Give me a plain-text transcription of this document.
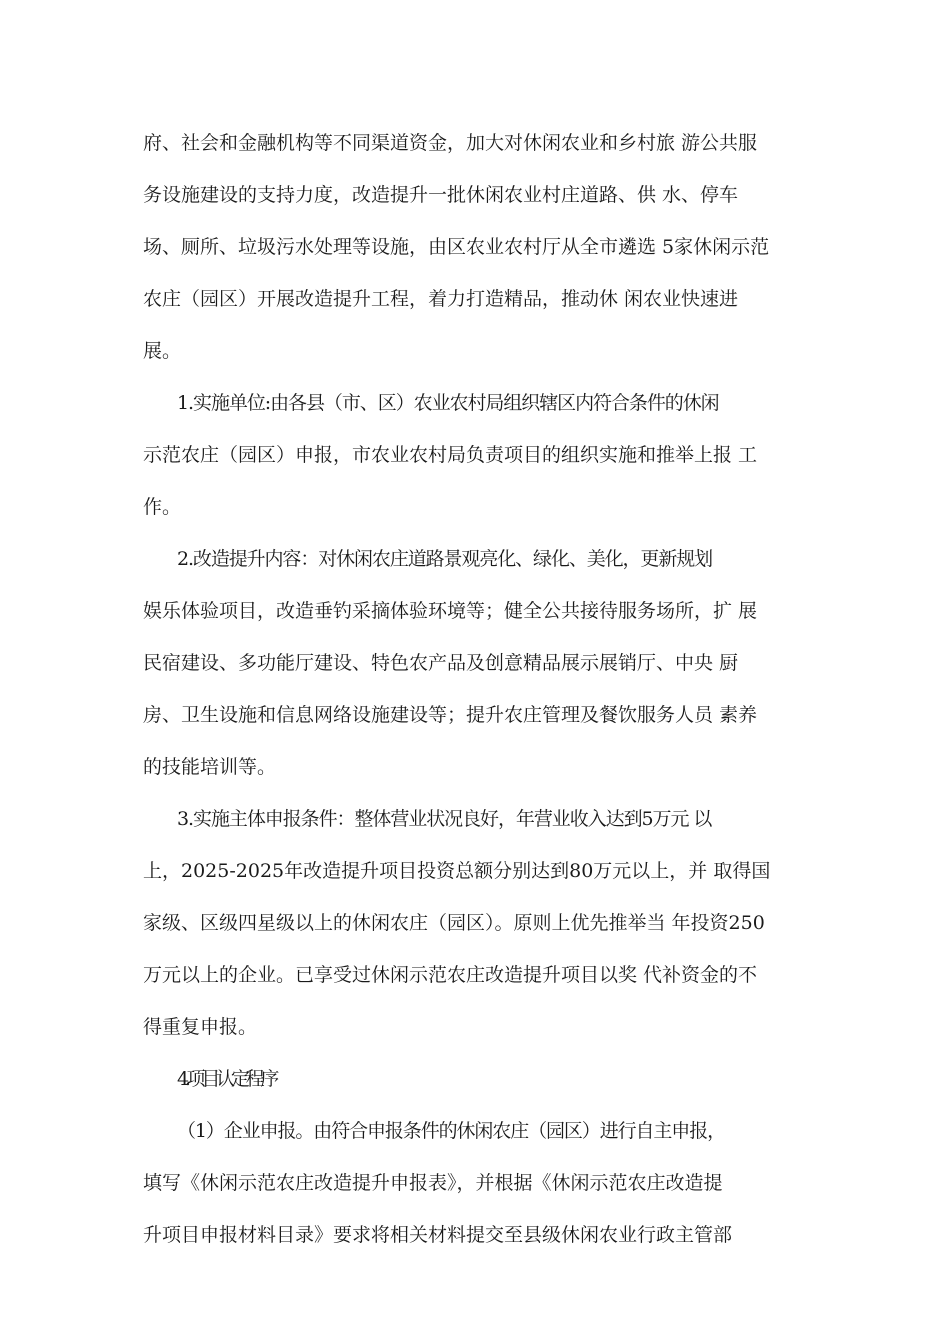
府、社会和金融机构等不同渠道资金，加大对休闲农业和乡村旅 游公共服
务设施建设的支持力度，改造提升一批休闲农业村庄道路、供 水、停车
场、厕所、垃圾污水处理等设施，由区农业农村厅从全市遴选 5家休闲示范
农庄（园区）开展改造提升工程，着力打造精品，推动休 闲农业快速进
展。
1.实施单位:由各县（市、区）农业农村局组织辖区内符合条件的休闲
示范农庄（园区）申报，市农业农村局负责项目的组织实施和推举上报 工
作。
2.改造提升内容：对休闲农庄道路景观亮化、绿化、美化，更新规划
娱乐体验项目，改造垂钓采摘体验环境等；健全公共接待服务场所，扩 展
民宿建设、多功能厅建设、特色农产品及创意精品展示展销厅、中央 厨
房、卫生设施和信息网络设施建设等；提升农庄管理及餐饮服务人员 素养
的技能培训等。
3.实施主体申报条件：整体营业状况良好，年营业收入达到5万元 以
上，2025-2025年改造提升项目投资总额分别达到80万元以上，并 取得国
家级、区级四星级以上的休闲农庄（园区）。原则上优先推举当 年投资250
万元以上的企业。已享受过休闲示范农庄改造提升项目以奖 代补资金的不
得重复申报。
4.项目认定程序
（1）企业申报。由符合申报条件的休闲农庄（园区）进行自主申报，
填写《休闲示范农庄改造提升申报表》，并根据《休闲示范农庄改造提
升项目申报材料目录》要求将相关材料提交至县级休闲农业行政主管部
